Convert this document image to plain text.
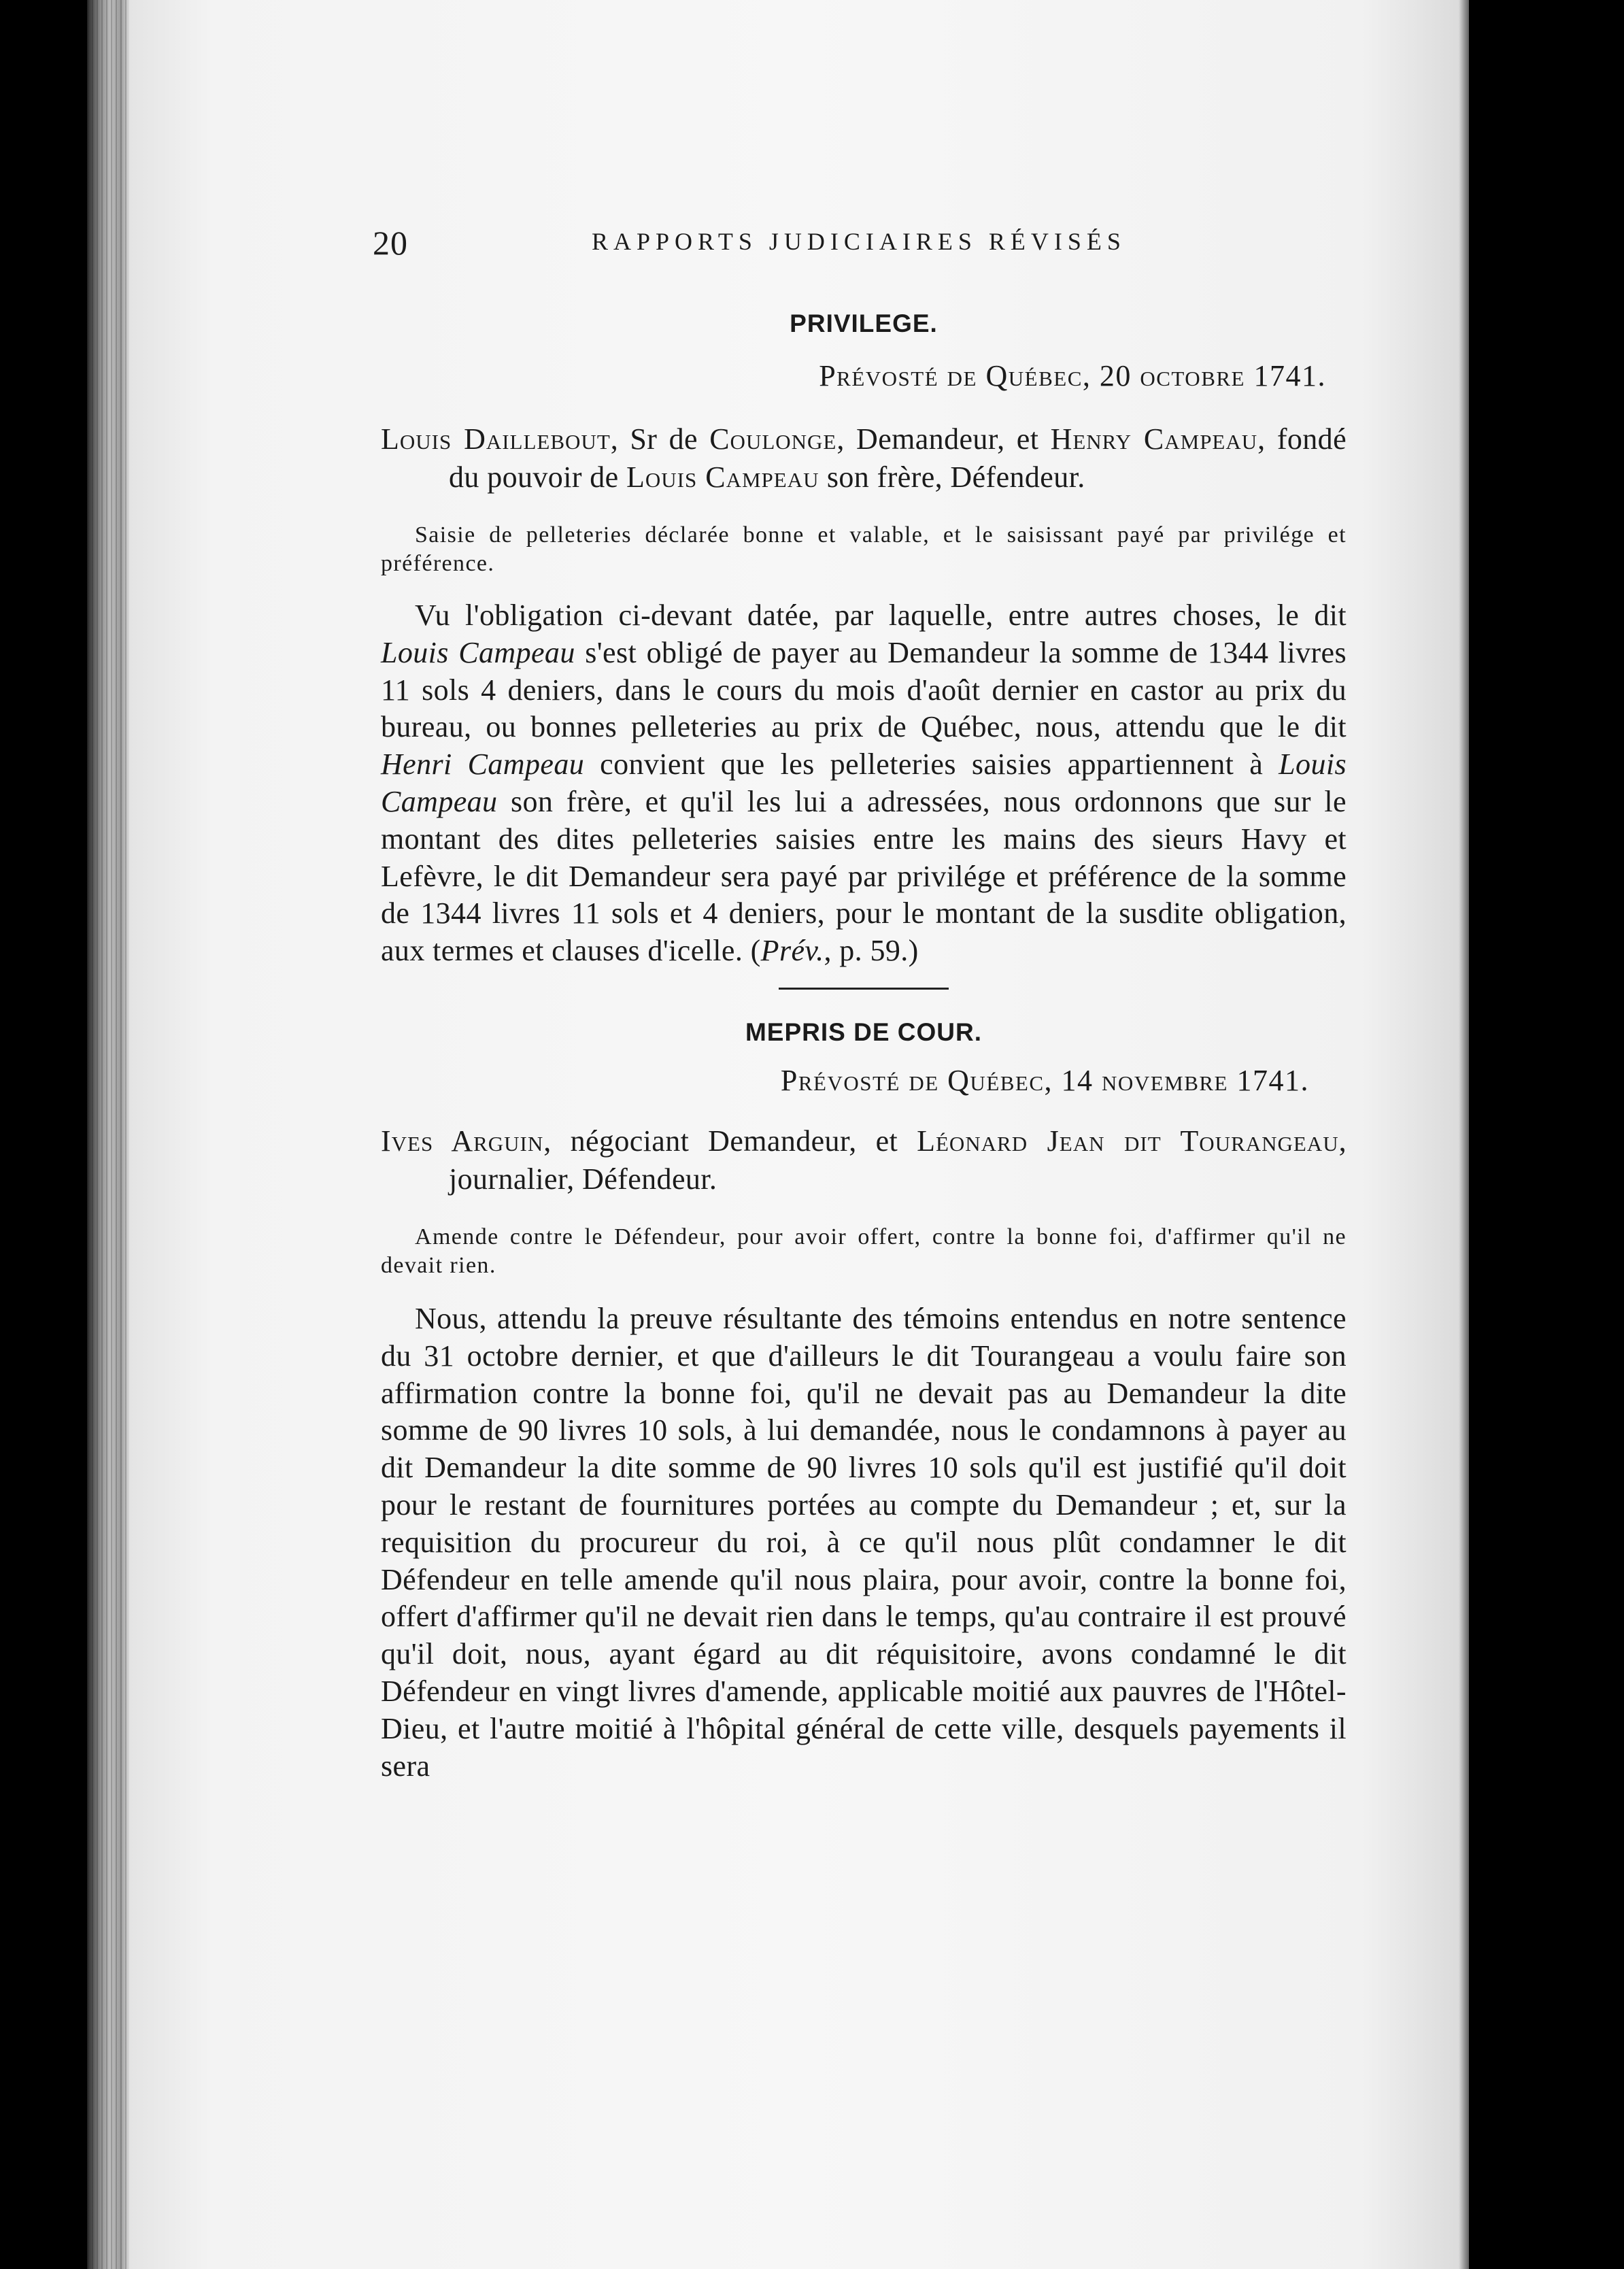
20	RAPPORTS JUDICIAIRES RÉVISÉS
PRIVILEGE.

Prévosté de Québec, 20 octobre 1741.

Louis Daillebout, Sr de Coulonge, Demandeur, et Henry Campeau, fondé du pouvoir de Louis Campeau son frère, Défendeur.

Saisie de pelleteries déclarée bonne et valable, et le saisissant payé par privilége et préférence.

Vu l'obligation ci-devant datée, par laquelle, entre autres choses, le dit Louis Campeau s'est obligé de payer au Demandeur la somme de 1344 livres 11 sols 4 deniers, dans le cours du mois d'août dernier en castor au prix du bureau, ou bonnes pelleteries au prix de Québec, nous, attendu que le dit Henri Campeau convient que les pelleteries saisies appartiennent à Louis Campeau son frère, et qu'il les lui a adressées, nous ordonnons que sur le montant des dites pelleteries saisies entre les mains des sieurs Havy et Lefèvre, le dit Demandeur sera payé par privilége et préférence de la somme de 1344 livres 11 sols et 4 deniers, pour le montant de la susdite obligation, aux termes et clauses d'icelle. (Prév., p. 59.)

MEPRIS DE COUR.

Prévosté de Québec, 14 novembre 1741.

Ives Arguin, négociant Demandeur, et Léonard Jean dit Tourangeau, journalier, Défendeur.

Amende contre le Défendeur, pour avoir offert, contre la bonne foi, d'affirmer qu'il ne devait rien.

Nous, attendu la preuve résultante des témoins entendus en notre sentence du 31 octobre dernier, et que d'ailleurs le dit Tourangeau a voulu faire son affirmation contre la bonne foi, qu'il ne devait pas au Demandeur la dite somme de 90 livres 10 sols, à lui demandée, nous le condamnons à payer au dit Demandeur la dite somme de 90 livres 10 sols qu'il est justifié qu'il doit pour le restant de fournitures portées au compte du Demandeur ; et, sur la requisition du procureur du roi, à ce qu'il nous plût condamner le dit Défendeur en telle amende qu'il nous plaira, pour avoir, contre la bonne foi, offert d'affirmer qu'il ne devait rien dans le temps, qu'au contraire il est prouvé qu'il doit, nous, ayant égard au dit réquisitoire, avons condamné le dit Défendeur en vingt livres d'amende, applicable moitié aux pauvres de l'Hôtel-Dieu, et l'autre moitié à l'hôpital général de cette ville, desquels payements il sera
